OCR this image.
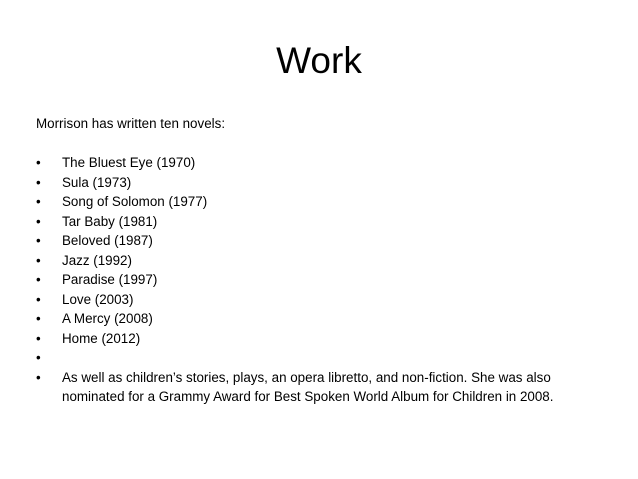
Work

Morrison has written ten novels:

•	The Bluest Eye (1970)
•	Sula (1973)
•	Song of Solomon (1977)
•	Tar Baby (1981)
•	Beloved (1987)
•	Jazz (1992)
•	Paradise (1997)
•	Love (2003)
•	A Mercy (2008)
•	Home (2012)
•
•	As well as children’s stories, plays, an opera libretto, and non-fiction. She was also nominated for a Grammy Award for Best Spoken World Album for Children in 2008.
